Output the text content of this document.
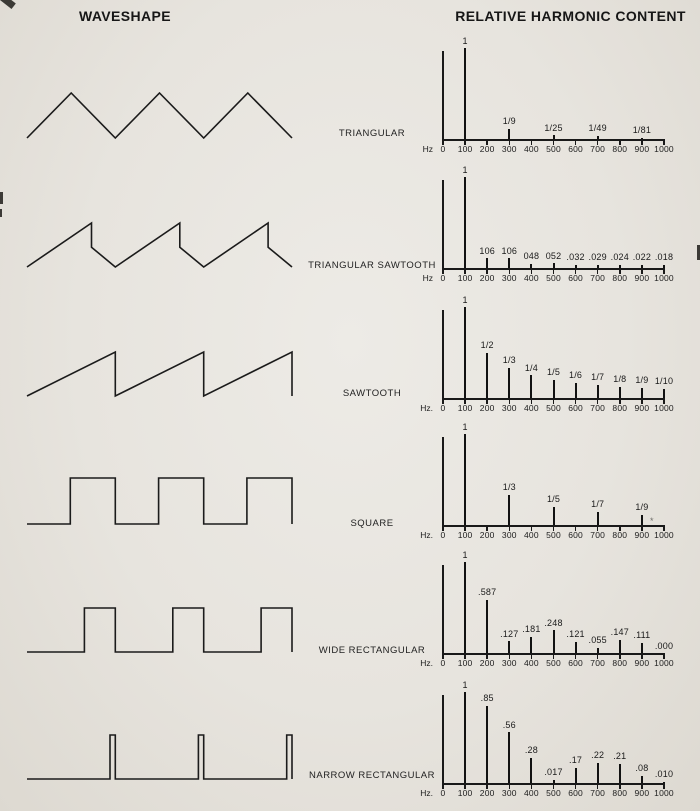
WAVESHAPE	RELATIVE HARMONIC CONTENT
TRIANGULAR
TRIANGULAR SAWTOOTH
SAWTOOTH
SQUARE
WIDE RECTANGULAR
NARROW RECTANGULAR
Hz 0	100 200 300 400 500 600 700 800 900 1000
1
1/9
1/25	1/49	1/81
Hz 0	100 200 300 400 500 600 700 800 900 1000
1
106 106
048 052 .032 .029 .024 .022 .018
Hz. 0	100 200 300 400 500 600 700 800 900 1000
1
1/2
1/3
1/4 1/5 1/6 1/7 1/8 1/9 1/10
Hz. 0	100 200 300 400 500 600 700 800 900 1000
1
1/3
1/5
1/7	1/9
*
Hz. 0	100 200 300 400 500 600 700 800 900 1000
1
.587
.127 .181
.248
.121
.055
.147 .111
.000
Hz. 0	100 200 300 400 500 600 700 800 900 1000
1
.85
.56
.28
.017
.17 .22 .21
.08
.010
